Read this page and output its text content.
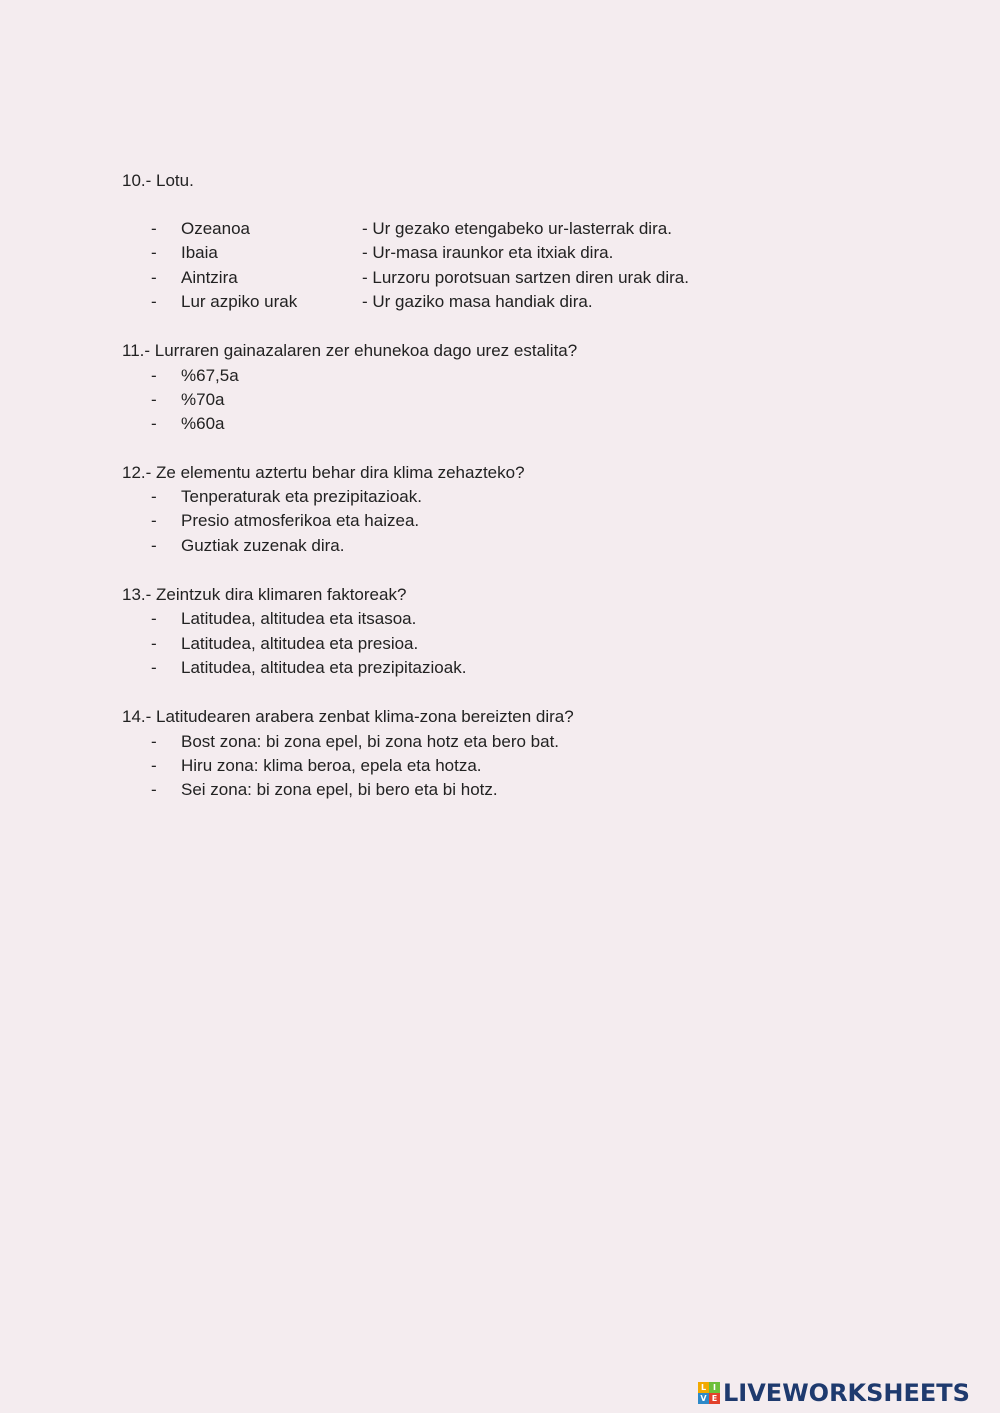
10.- Lotu.
- Ozeanoa	- Ur gezako etengabeko ur-lasterrak dira.
- Ibaia	- Ur-masa iraunkor eta itxiak dira.
- Aintzira	- Lurzoru porotsuan sartzen diren urak dira.
- Lur azpiko urak	- Ur gaziko masa handiak dira.
11.- Lurraren gainazalaren zer ehunekoa dago urez estalita?
- %67,5a
- %70a
- %60a
12.- Ze elementu aztertu behar dira klima zehazteko?
- Tenperaturak eta prezipitazioak.
- Presio atmosferikoa eta haizea.
- Guztiak zuzenak dira.
13.- Zeintzuk dira klimaren faktoreak?
- Latitudea, altitudea eta itsasoa.
- Latitudea, altitudea eta presioa.
- Latitudea, altitudea eta prezipitazioak.
14.- Latitudearen arabera zenbat klima-zona bereizten dira?
- Bost zona: bi zona epel, bi zona hotz eta bero bat.
- Hiru zona: klima beroa, epela eta hotza.
- Sei zona: bi zona epel, bi bero eta bi hotz.
L I
V E LIVEWORKSHEETS
